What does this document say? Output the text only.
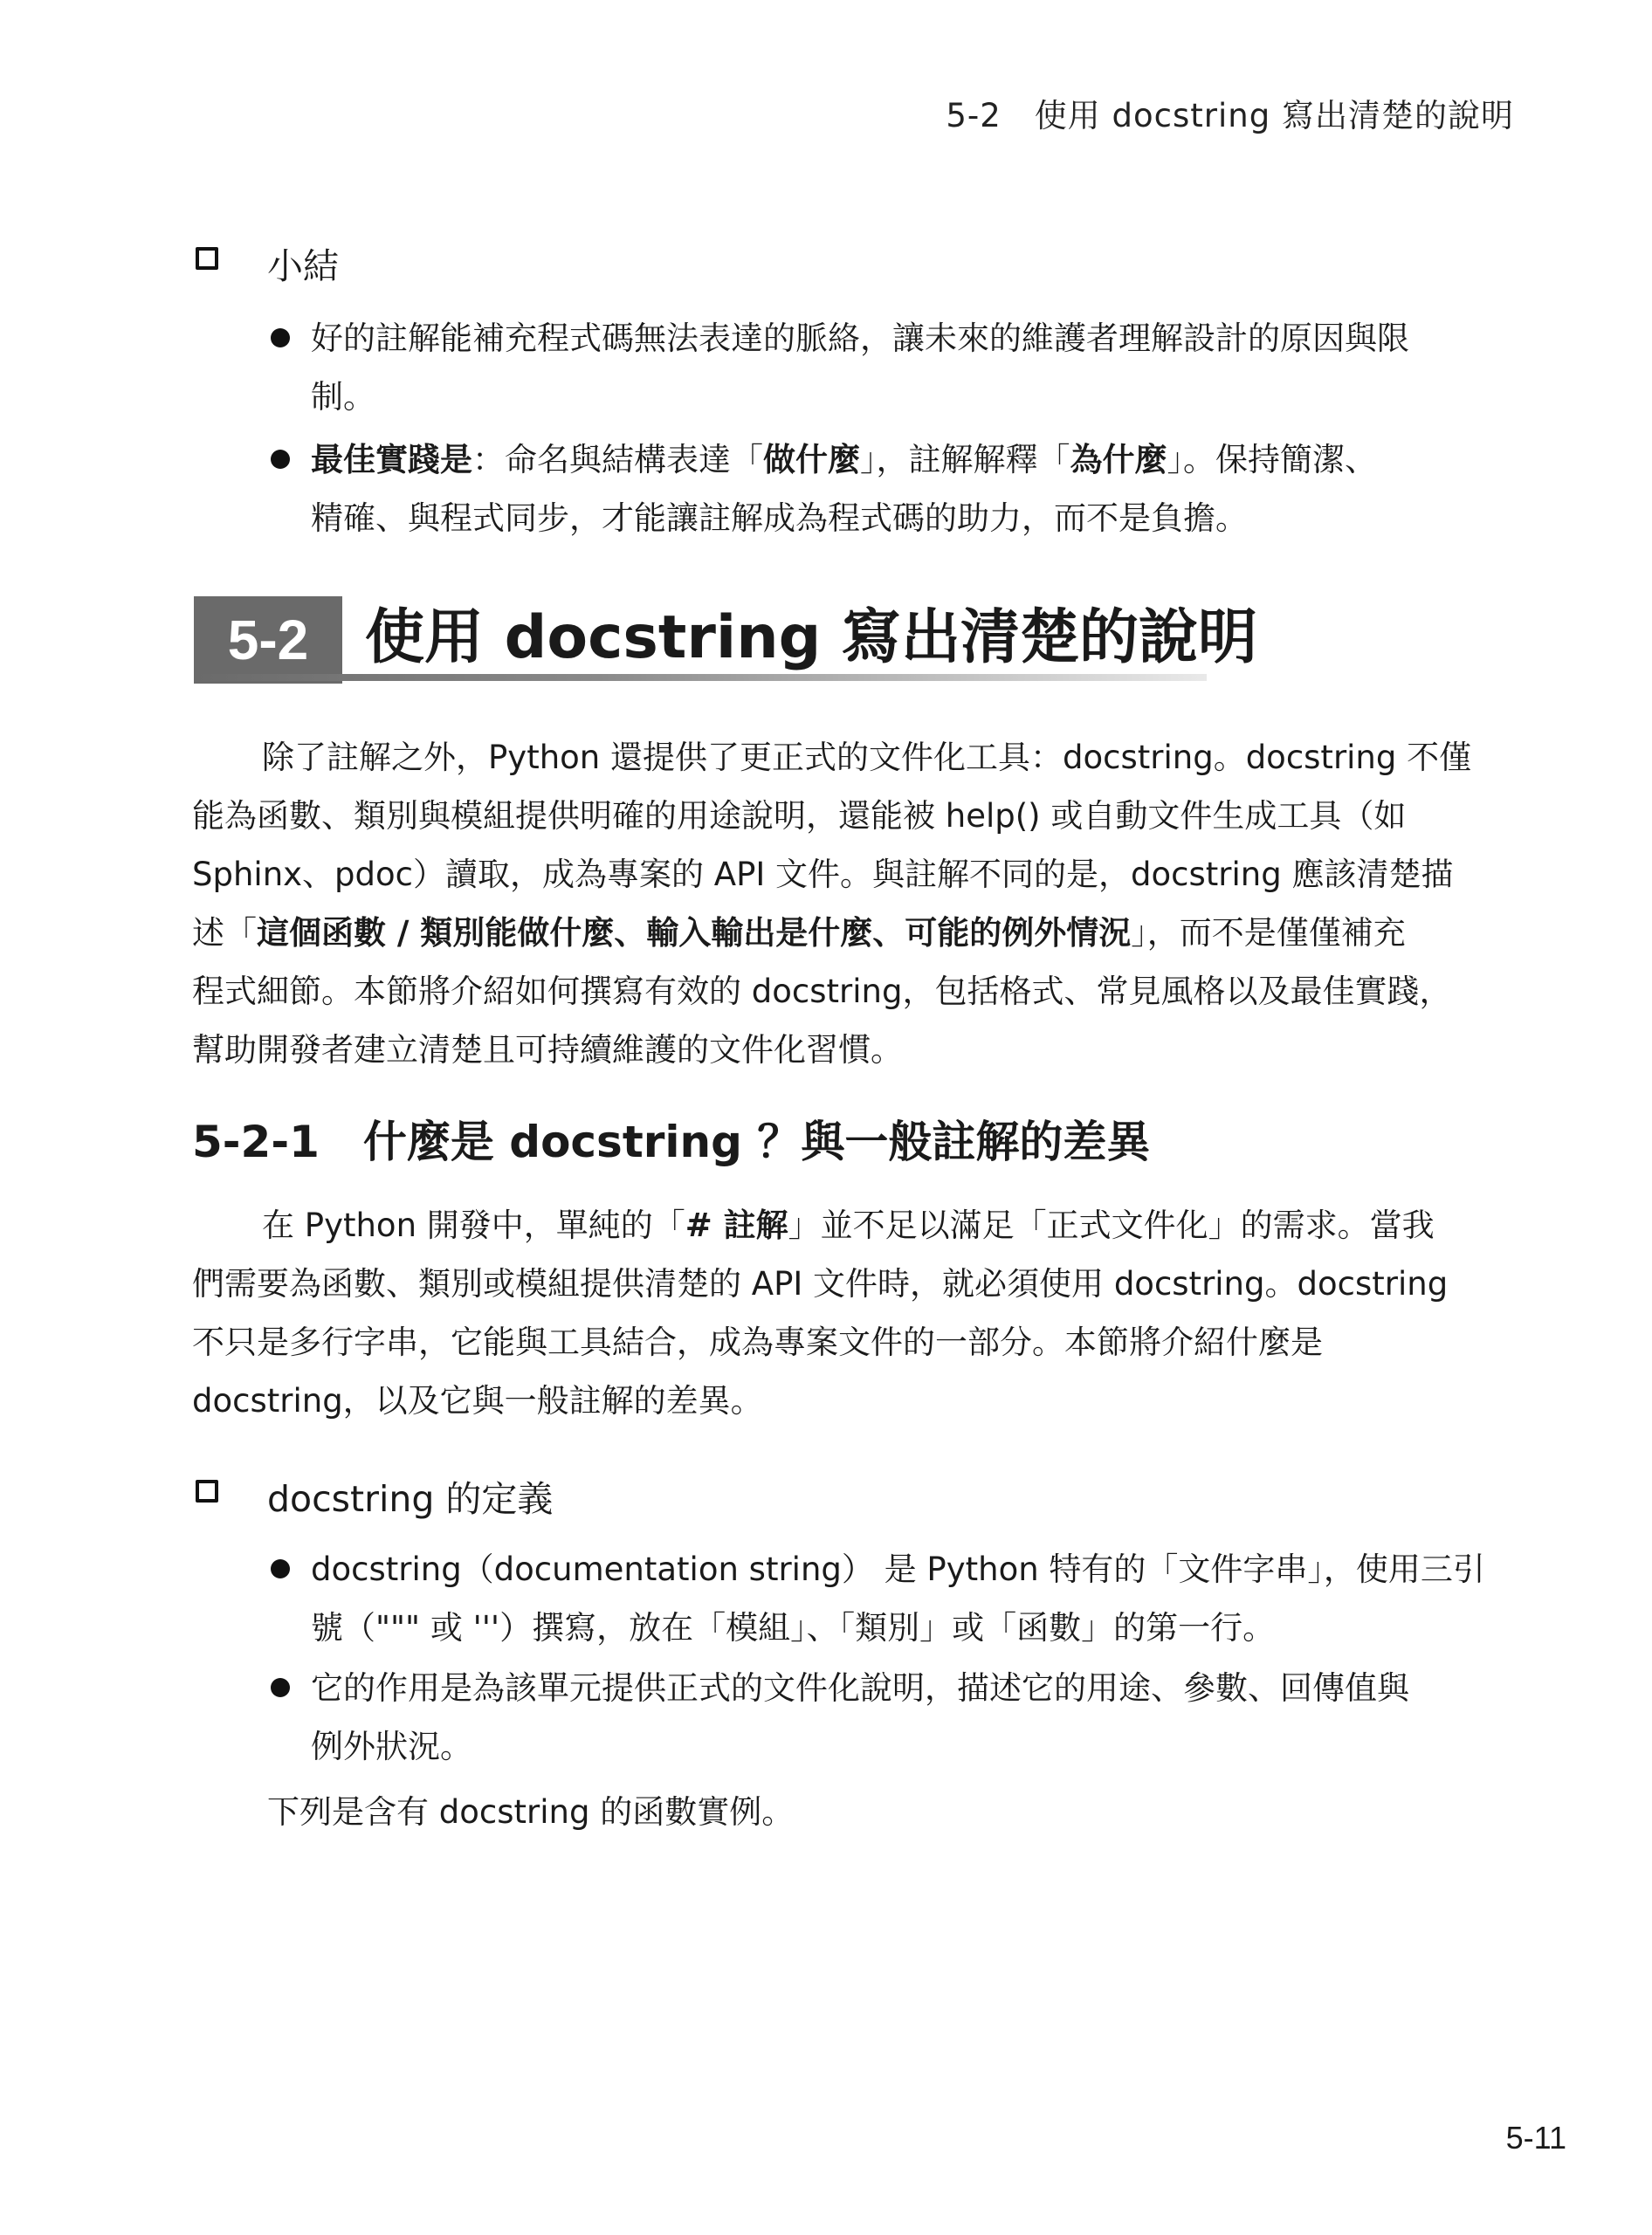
5-2　使用 docstring 寫出清楚的說明
小結
好的註解能補充程式碼無法表達的脈絡，讓未來的維護者理解設計的原因與限
制。
最佳實踐是：命名與結構表達「做什麼」，註解解釋「為什麼」。保持簡潔、
精確、與程式同步，才能讓註解成為程式碼的助力，而不是負擔。
5-2 使用 docstring 寫出清楚的說明
除了註解之外，Python 還提供了更正式的文件化工具：docstring。docstring 不僅
能為函數、類別與模組提供明確的用途說明，還能被 help() 或自動文件生成工具（如
Sphinx、pdoc）讀取，成為專案的 API 文件。與註解不同的是，docstring 應該清楚描
述「這個函數 / 類別能做什麼、輸入輸出是什麼、可能的例外情況」，而不是僅僅補充
程式細節。本節將介紹如何撰寫有效的 docstring，包括格式、常見風格以及最佳實踐，
幫助開發者建立清楚且可持續維護的文件化習慣。
5-2-1　什麼是 docstring ？與一般註解的差異
在 Python 開發中，單純的「# 註解」並不足以滿足「正式文件化」的需求。當我
們需要為函數、類別或模組提供清楚的 API 文件時，就必須使用 docstring。docstring
不只是多行字串，它能與工具結合，成為專案文件的一部分。本節將介紹什麼是
docstring，以及它與一般註解的差異。
docstring 的定義
docstring（documentation string） 是 Python 特有的「文件字串」，使用三引
號（""" 或 '''）撰寫，放在「模組」、「類別」或「函數」的第一行。
它的作用是為該單元提供正式的文件化說明，描述它的用途、參數、回傳值與
例外狀況。
下列是含有 docstring 的函數實例。
5-11
